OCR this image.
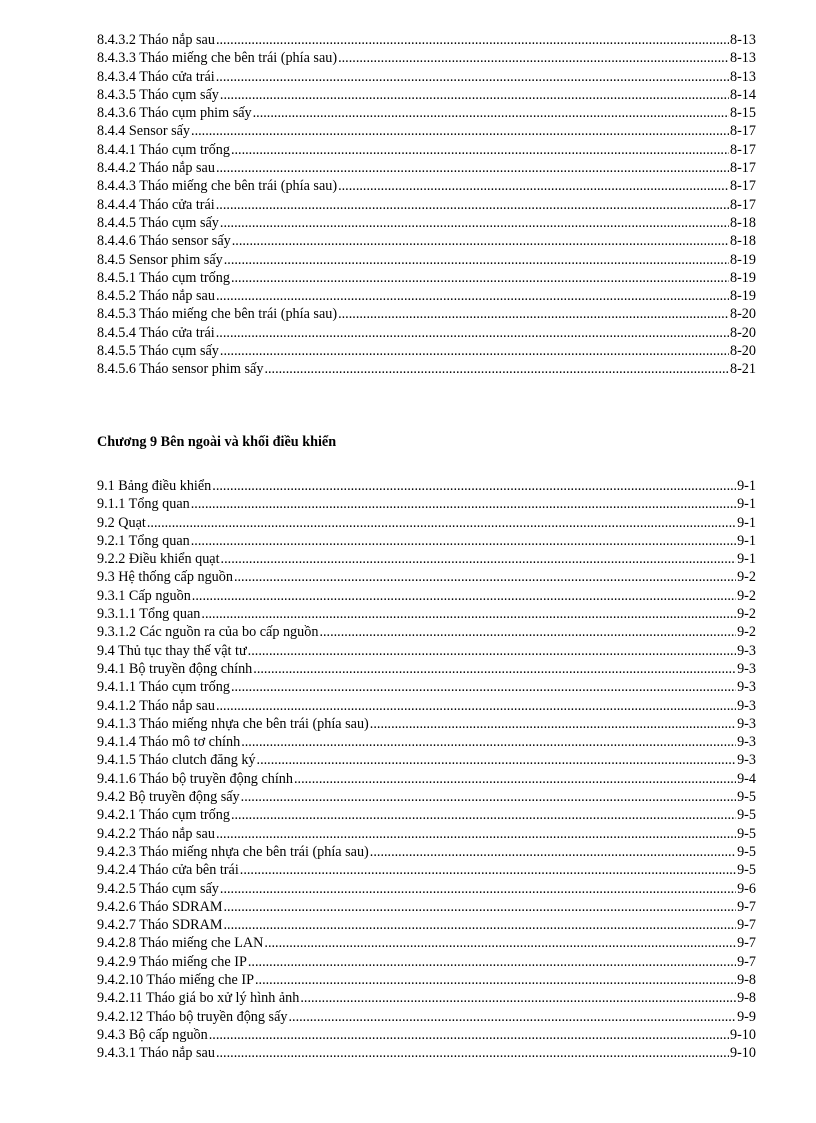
8.4.3.2 Tháo nắp sau .....	8-13
8.4.3.3 Tháo miếng che bên trái (phía sau) .....	8-13
8.4.3.4 Tháo cửa trái .....	8-13
8.4.3.5 Tháo cụm sấy .....	8-14
8.4.3.6 Tháo cụm phim sấy .....	8-15
8.4.4 Sensor sấy .....	8-17
8.4.4.1 Tháo cụm trống .....	8-17
8.4.4.2 Tháo nắp sau .....	8-17
8.4.4.3 Tháo miếng che bên trái (phía sau) .....	8-17
8.4.4.4 Tháo cửa trái .....	8-17
8.4.4.5 Tháo cụm sấy .....	8-18
8.4.4.6 Tháo sensor sấy .....	8-18
8.4.5 Sensor phim sấy .....	8-19
8.4.5.1 Tháo cụm trống .....	8-19
8.4.5.2 Tháo nắp sau .....	8-19
8.4.5.3 Tháo miếng che bên trái (phía sau) .....	8-20
8.4.5.4 Tháo cửa trái .....	8-20
8.4.5.5 Tháo cụm sấy .....	8-20
8.4.5.6 Tháo sensor phim sấy .....	8-21
Chương 9 Bên ngoài và khối điều khiển
9.1 Bảng điều khiển .....	9-1
9.1.1 Tổng quan .....	9-1
9.2 Quạt .....	9-1
9.2.1 Tổng quan .....	9-1
9.2.2 Điều khiển quạt .....	9-1
9.3 Hệ thống cấp nguồn .....	9-2
9.3.1 Cấp nguồn .....	9-2
9.3.1.1 Tổng quan .....	9-2
9.3.1.2 Các nguồn ra của bo cấp nguồn .....	9-2
9.4 Thủ tục thay thế vật tư .....	9-3
9.4.1 Bộ truyền động chính .....	9-3
9.4.1.1 Tháo cụm trống .....	9-3
9.4.1.2 Tháo nắp sau .....	9-3
9.4.1.3 Tháo miếng nhựa che bên trái (phía sau) .....	9-3
9.4.1.4 Tháo mô tơ chính .....	9-3
9.4.1.5 Tháo clutch đăng ký .....	9-3
9.4.1.6 Tháo bộ truyền động chính .....	9-4
9.4.2 Bộ truyền động sấy .....	9-5
9.4.2.1 Tháo cụm trống .....	9-5
9.4.2.2 Tháo nắp sau .....	9-5
9.4.2.3 Tháo miếng nhựa che bên trái (phía sau) .....	9-5
9.4.2.4 Tháo cửa bên trái .....	9-5
9.4.2.5 Tháo cụm sấy .....	9-6
9.4.2.6 Tháo SDRAM .....	9-7
9.4.2.7 Tháo SDRAM .....	9-7
9.4.2.8 Tháo miếng che LAN .....	9-7
9.4.2.9 Tháo miếng che IP .....	9-7
9.4.2.10 Tháo miếng che IP .....	9-8
9.4.2.11 Tháo giá bo xử lý hình ảnh .....	9-8
9.4.2.12 Tháo bộ truyền động sấy .....	9-9
9.4.3 Bộ cấp nguồn .....	9-10
9.4.3.1 Tháo nắp sau .....	9-10
